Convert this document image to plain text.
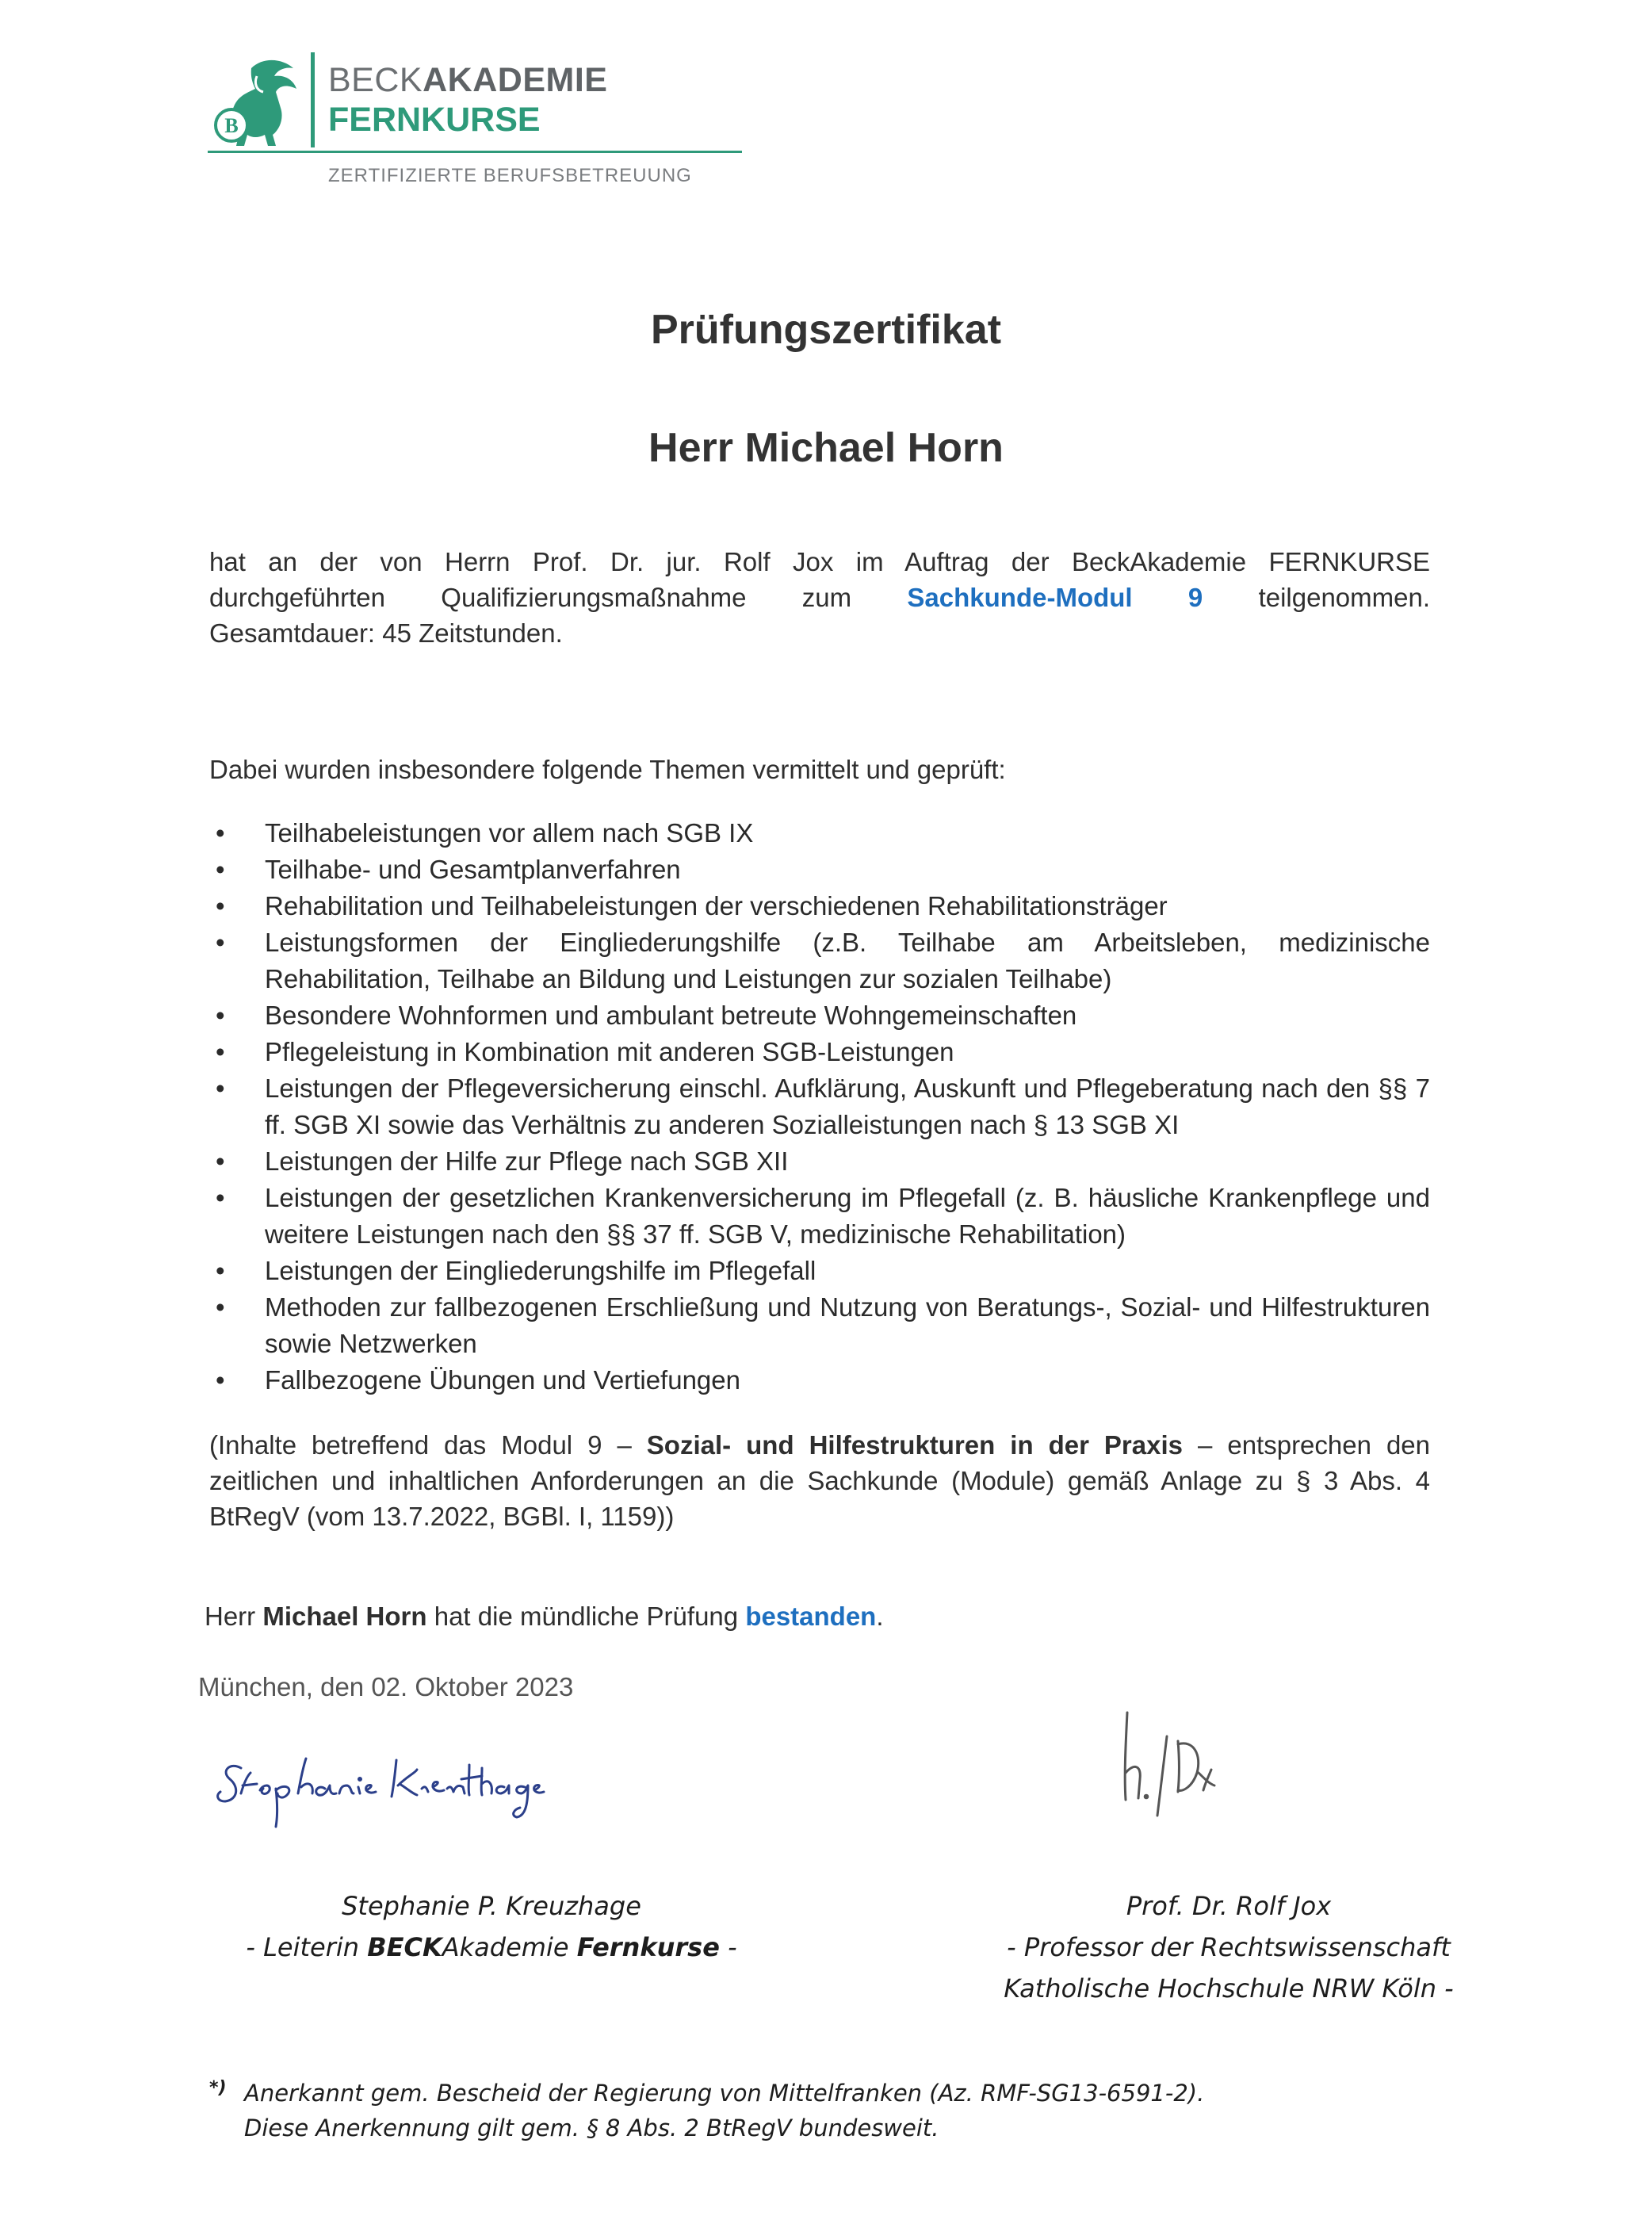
B
BECKAKADEMIE
FERNKURSE
ZERTIFIZIERTE BERUFSBETREUUNG
Prüfungszertifikat
Herr Michael Horn
hat an der von Herrn Prof. Dr. jur. Rolf Jox im Auftrag der BeckAkademie FERNKURSE
durchgeführten Qualifizierungsmaßnahme zum Sachkunde-Modul 9 teilgenommen.
Gesamtdauer: 45 Zeitstunden.
Dabei wurden insbesondere folgende Themen vermittelt und geprüft:
• Teilhabeleistungen vor allem nach SGB IX
• Teilhabe- und Gesamtplanverfahren
• Rehabilitation und Teilhabeleistungen der verschiedenen Rehabilitationsträger
• Leistungsformen der Eingliederungshilfe (z.B. Teilhabe am Arbeitsleben, medizinische Rehabilitation, Teilhabe an Bildung und Leistungen zur sozialen Teilhabe)
• Besondere Wohnformen und ambulant betreute Wohngemeinschaften
• Pflegeleistung in Kombination mit anderen SGB-Leistungen
• Leistungen der Pflegeversicherung einschl. Aufklärung, Auskunft und Pflegeberatung nach den §§ 7 ff. SGB XI sowie das Verhältnis zu anderen Sozialleistungen nach § 13 SGB XI
• Leistungen der Hilfe zur Pflege nach SGB XII
• Leistungen der gesetzlichen Krankenversicherung im Pflegefall (z. B. häusliche Krankenpflege und weitere Leistungen nach den §§ 37 ff. SGB V, medizinische Rehabilitation)
• Leistungen der Eingliederungshilfe im Pflegefall
• Methoden zur fallbezogenen Erschließung und Nutzung von Beratungs-, Sozial- und Hilfestrukturen sowie Netzwerken
• Fallbezogene Übungen und Vertiefungen
(Inhalte betreffend das Modul 9 – Sozial- und Hilfestrukturen in der Praxis – entsprechen den zeitlichen und inhaltlichen Anforderungen an die Sachkunde (Module) gemäß Anlage zu § 3 Abs. 4 BtRegV (vom 13.7.2022, BGBl. I, 1159))
Herr Michael Horn hat die mündliche Prüfung bestanden.
München, den 02. Oktober 2023
Stephanie P. Kreuzhage
- Leiterin BECKAkademie Fernkurse -
Prof. Dr. Rolf Jox
- Professor der Rechtswissenschaft
Katholische Hochschule NRW Köln -
*) Anerkannt gem. Bescheid der Regierung von Mittelfranken (Az. RMF-SG13-6591-2).
Diese Anerkennung gilt gem. § 8 Abs. 2 BtRegV bundesweit.
